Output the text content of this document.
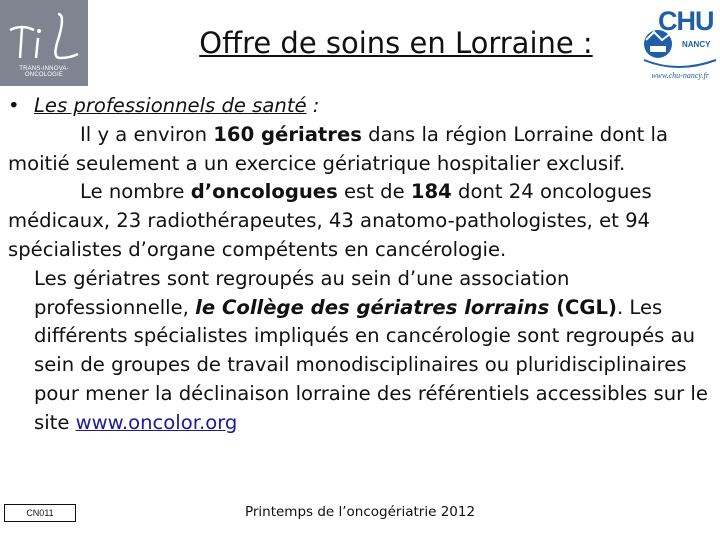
TRANS-INNOVA-ONCOLOGIE
Offre de soins en Lorraine :
CHU
NANCY
www.chu-nancy.fr

• Les professionnels de santé :

Il y a environ 160 gériatres dans la région Lorraine dont la moitié seulement a un exercice gériatrique hospitalier exclusif.

Le nombre d’oncologues est de 184 dont 24 oncologues médicaux, 23 radiothérapeutes, 43 anatomo-pathologistes, et 94 spécialistes d’organe compétents en cancérologie.

Les gériatres sont regroupés au sein d’une association professionnelle, le Collège des gériatres lorrains (CGL). Les différents spécialistes impliqués en cancérologie sont regroupés au sein de groupes de travail monodisciplinaires ou pluridisciplinaires pour mener la déclinaison lorraine des référentiels accessibles sur le site www.oncolor.org

CN011	Printemps de l’oncogériatrie 2012
